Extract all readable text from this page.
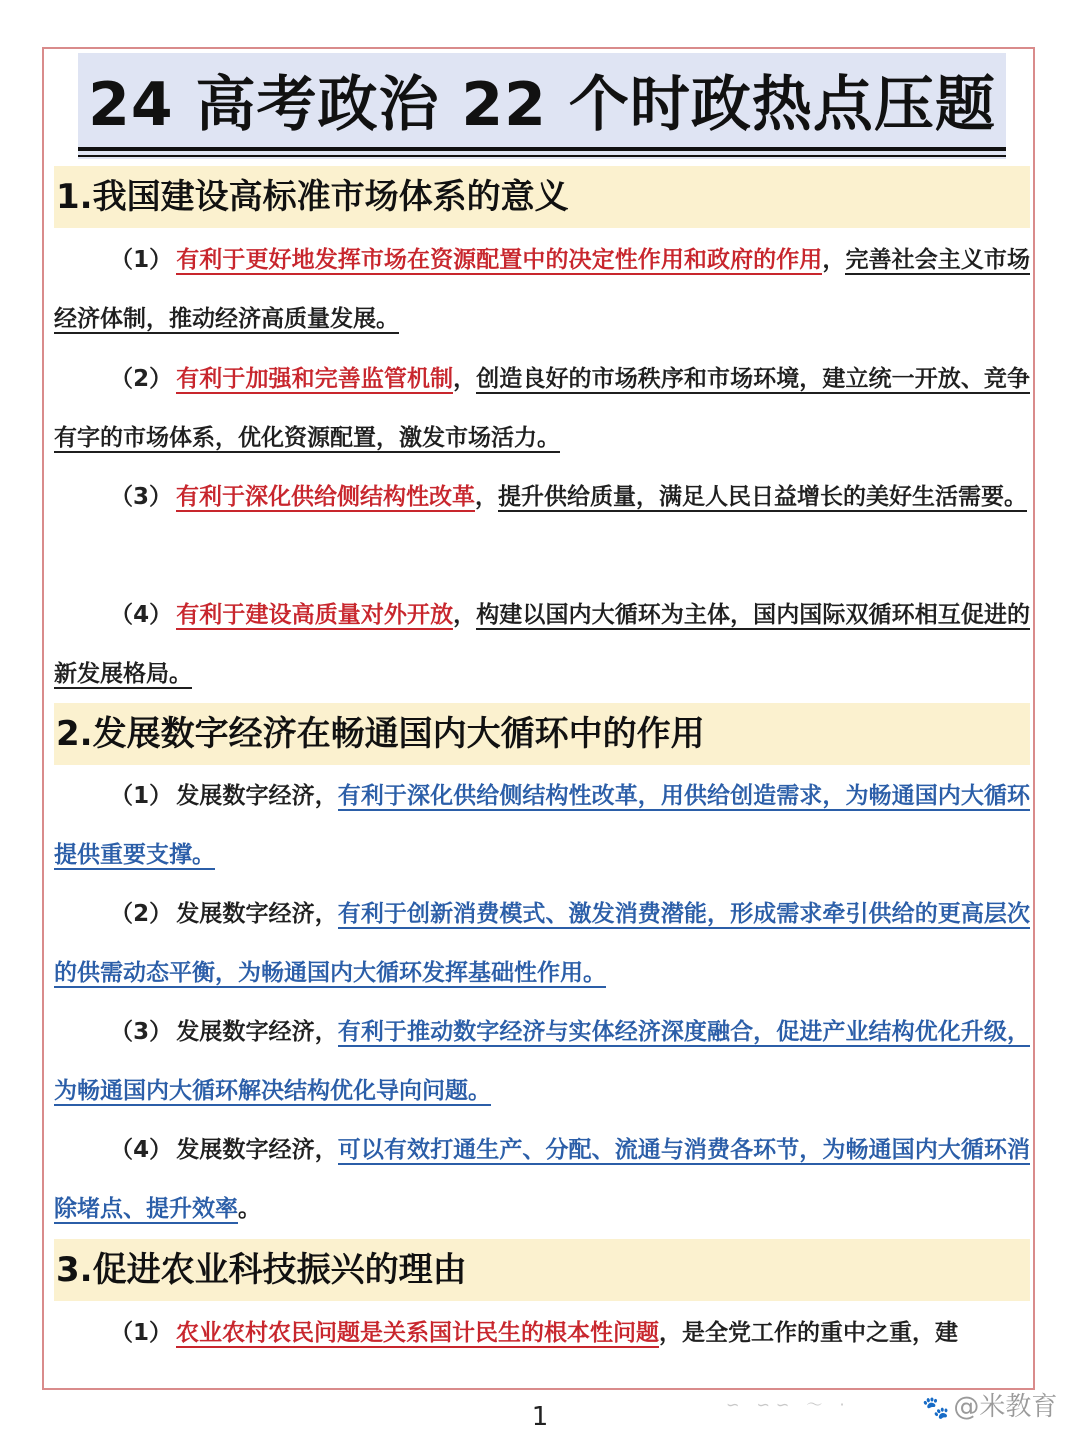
24 高考政治 22 个时政热点压题
1.我国建设高标准市场体系的意义
（1） 有利于更好地发挥市场在资源配置中的决定性作用和政府的作用，完善社会主义市场经济体制，推动经济高质量发展。
（2） 有利于加强和完善监管机制，创造良好的市场秩序和市场环境，建立统一开放、竞争有字的市场体系，优化资源配置，激发市场活力。
（3） 有利于深化供给侧结构性改革，提升供给质量，满足人民日益增长的美好生活需要。
（4） 有利于建设高质量对外开放，构建以国内大循环为主体，国内国际双循环相互促进的新发展格局。
2.发展数字经济在畅通国内大循环中的作用
（1） 发展数字经济，有利于深化供给侧结构性改革，用供给创造需求，为畅通国内大循环提供重要支撑。
（2） 发展数字经济，有利于创新消费模式、激发消费潜能，形成需求牵引供给的更高层次的供需动态平衡，为畅通国内大循环发挥基础性作用。
（3） 发展数字经济，有利于推动数字经济与实体经济深度融合，促进产业结构优化升级，为畅通国内大循环解决结构优化导向问题。
（4） 发展数字经济，可以有效打通生产、分配、流通与消费各环节，为畅通国内大循环消除堵点、提升效率。
3.促进农业科技振兴的理由
（1） 农业农村农民问题是关系国计民生的根本性问题，是全党工作的重中之重，建
∽ ∽∽ ～ ·	🐾 @米教育
1
